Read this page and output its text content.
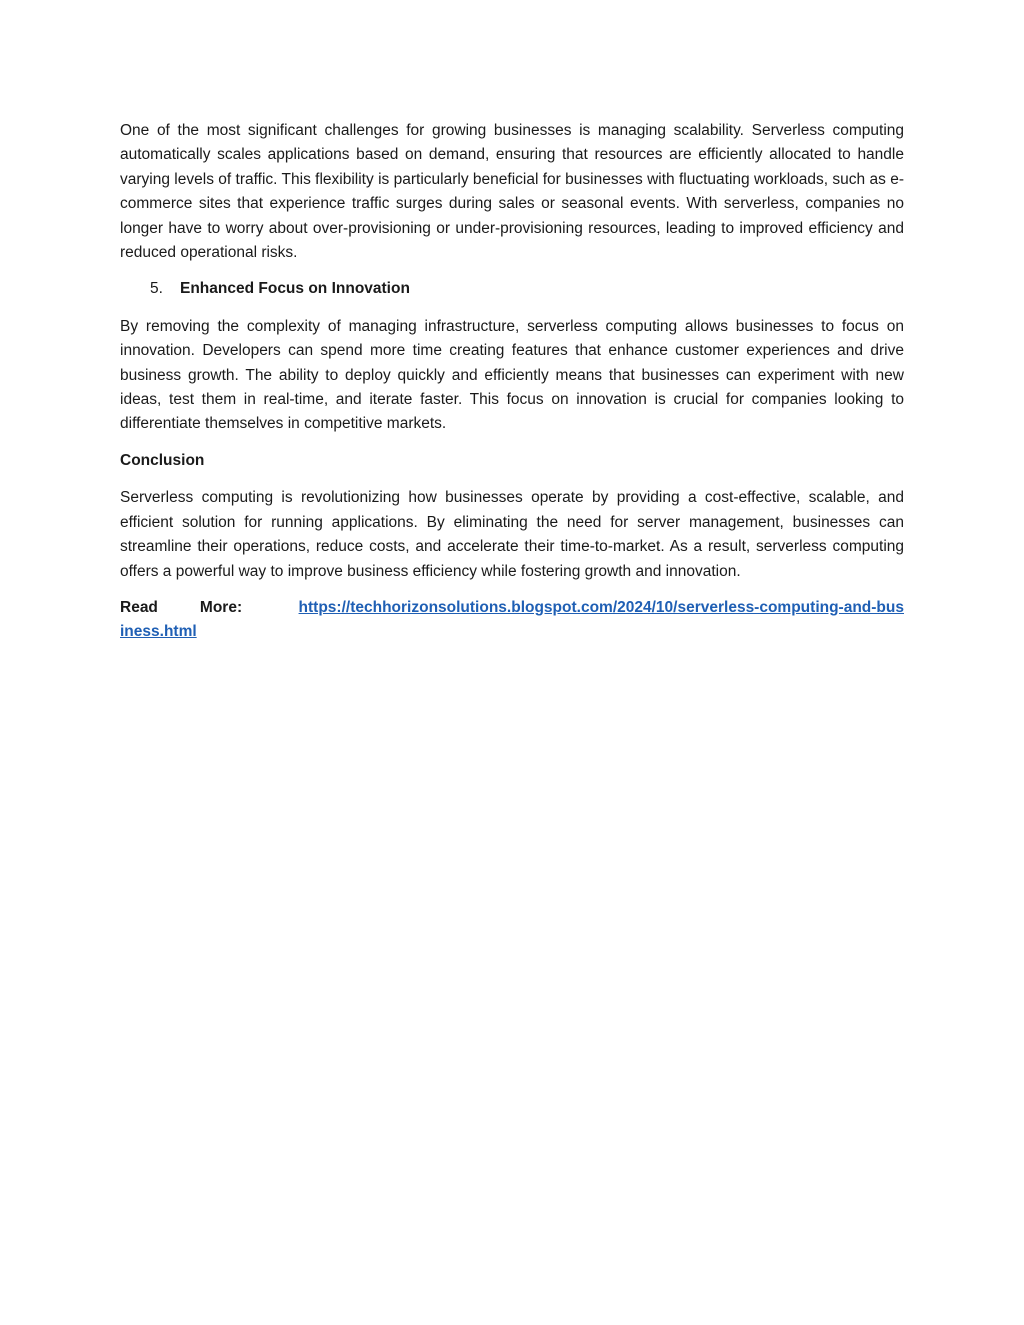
One of the most significant challenges for growing businesses is managing scalability. Serverless computing automatically scales applications based on demand, ensuring that resources are efficiently allocated to handle varying levels of traffic. This flexibility is particularly beneficial for businesses with fluctuating workloads, such as e-commerce sites that experience traffic surges during sales or seasonal events. With serverless, companies no longer have to worry about over-provisioning or under-provisioning resources, leading to improved efficiency and reduced operational risks.

5.	Enhanced Focus on Innovation

By removing the complexity of managing infrastructure, serverless computing allows businesses to focus on innovation. Developers can spend more time creating features that enhance customer experiences and drive business growth. The ability to deploy quickly and efficiently means that businesses can experiment with new ideas, test them in real-time, and iterate faster. This focus on innovation is crucial for companies looking to differentiate themselves in competitive markets.

Conclusion

Serverless computing is revolutionizing how businesses operate by providing a cost-effective, scalable, and efficient solution for running applications. By eliminating the need for server management, businesses can streamline their operations, reduce costs, and accelerate their time-to-market. As a result, serverless computing offers a powerful way to improve business efficiency while fostering growth and innovation.

Read	More:	https://techhorizonsolutions.blogspot.com/2024/10/serverless-computing-and-business.html
